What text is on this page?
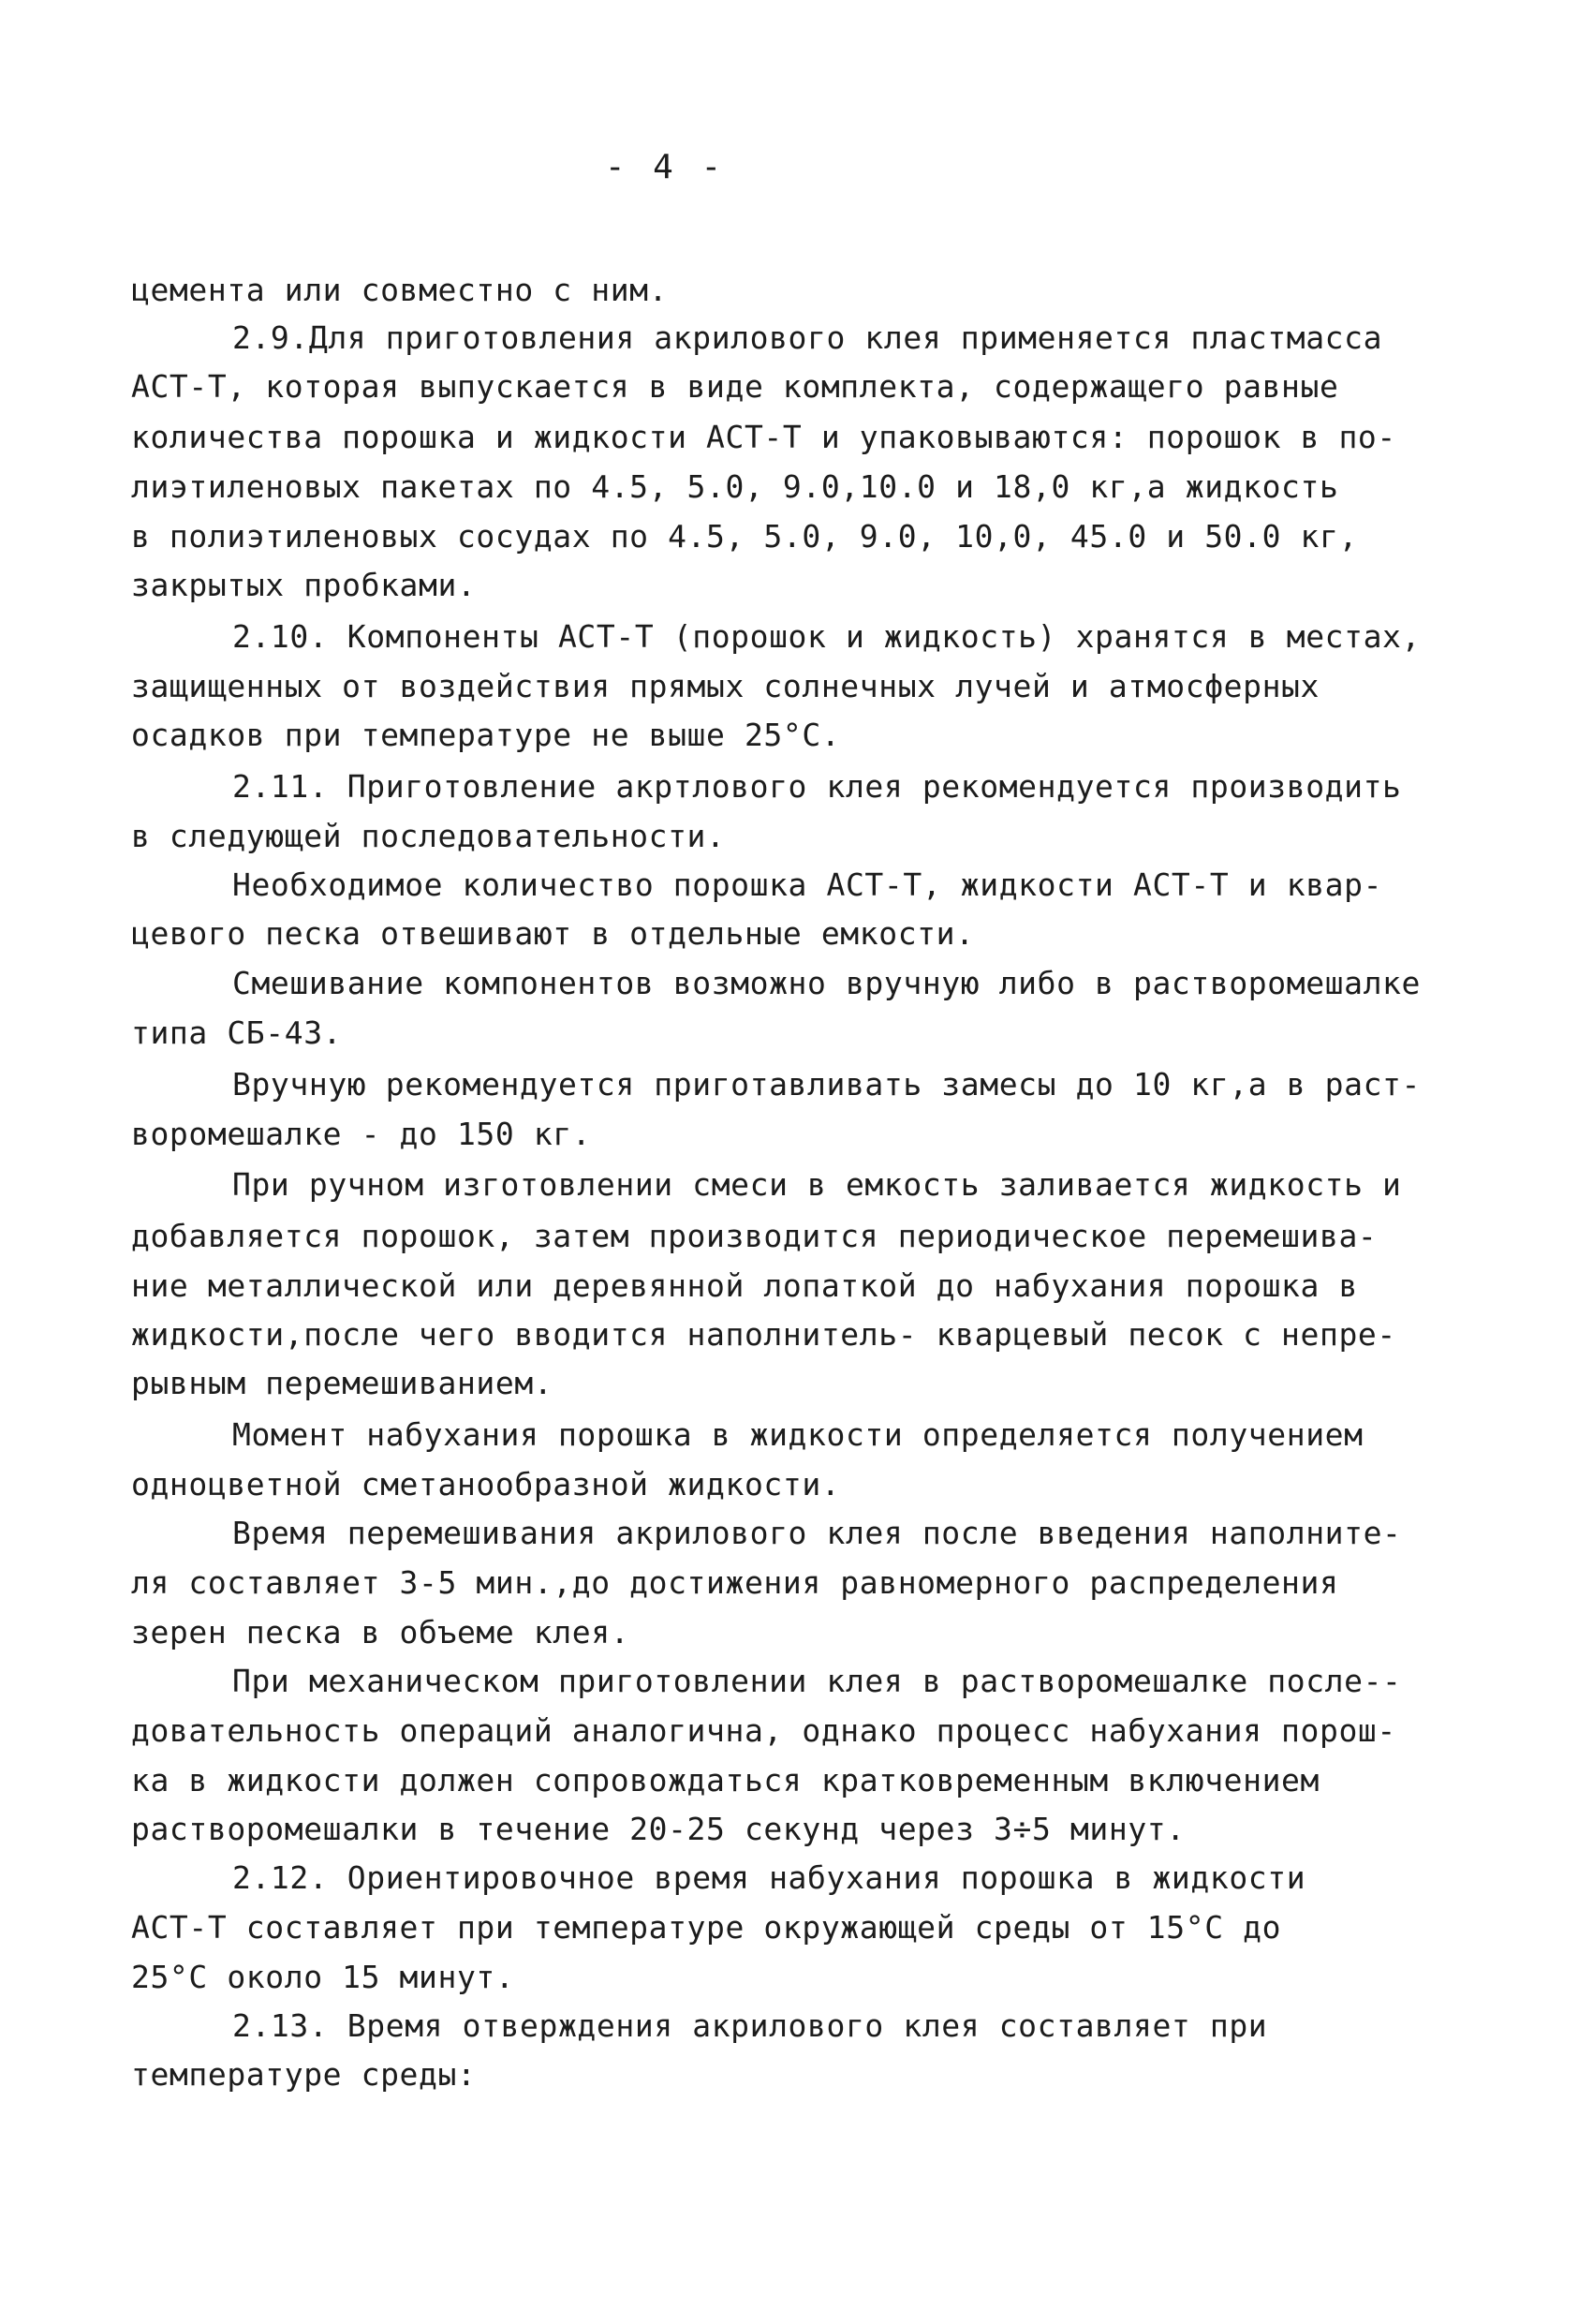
- 4 -
цемента или совместно с ним.
2.9.Для приготовления акрилового клея применяется пластмасса
АСТ-Т, которая выпускается в виде комплекта, содержащего равные
количества порошка и жидкости АСТ-Т и упаковываются: порошок в по-
лиэтиленовых пакетах по 4.5, 5.0, 9.0,10.0 и 18,0 кг,а жидкость
в полиэтиленовых сосудах по 4.5, 5.0, 9.0, 10,0, 45.0 и 50.0 кг,
закрытых пробками.
2.10. Компоненты АСТ-Т (порошок и жидкость) хранятся в местах,
защищенных от воздействия прямых солнечных лучей и атмосферных
осадков при температуре не выше 25°С.
2.11. Приготовление акртлового клея рекомендуется производить
в следующей последовательности.
Необходимое количество порошка АСТ-Т, жидкости АСТ-Т и квар-
цевого песка отвешивают в отдельные емкости.
Смешивание компонентов возможно вручную либо в растворомешалке
типа СБ-43.
Вручную рекомендуется приготавливать замесы до 10 кг,а в раст-
воромешалке - до 150 кг.
При ручном изготовлении смеси в емкость заливается жидкость и
добавляется порошок, затем производится периодическое перемешива-
ние металлической или деревянной лопаткой до набухания порошка в
жидкости,после чего вводится наполнитель- кварцевый песок с непре-
рывным перемешиванием.
Момент набухания порошка в жидкости определяется получением
одноцветной сметанообразной жидкости.
Время перемешивания акрилового клея после введения наполните-
ля составляет 3-5 мин.,до достижения равномерного распределения
зерен песка в объеме клея.
При механическом приготовлении клея в растворомешалке после--
довательность операций аналогична, однако процесс набухания порош-
ка в жидкости должен сопровождаться кратковременным включением
растворомешалки в течение 20-25 секунд через 3÷5 минут.
2.12. Ориентировочное время набухания порошка в жидкости
АСТ-Т составляет при температуре окружающей среды от 15°С до
25°С около 15 минут.
2.13. Время отверждения акрилового клея составляет при
температуре среды:
